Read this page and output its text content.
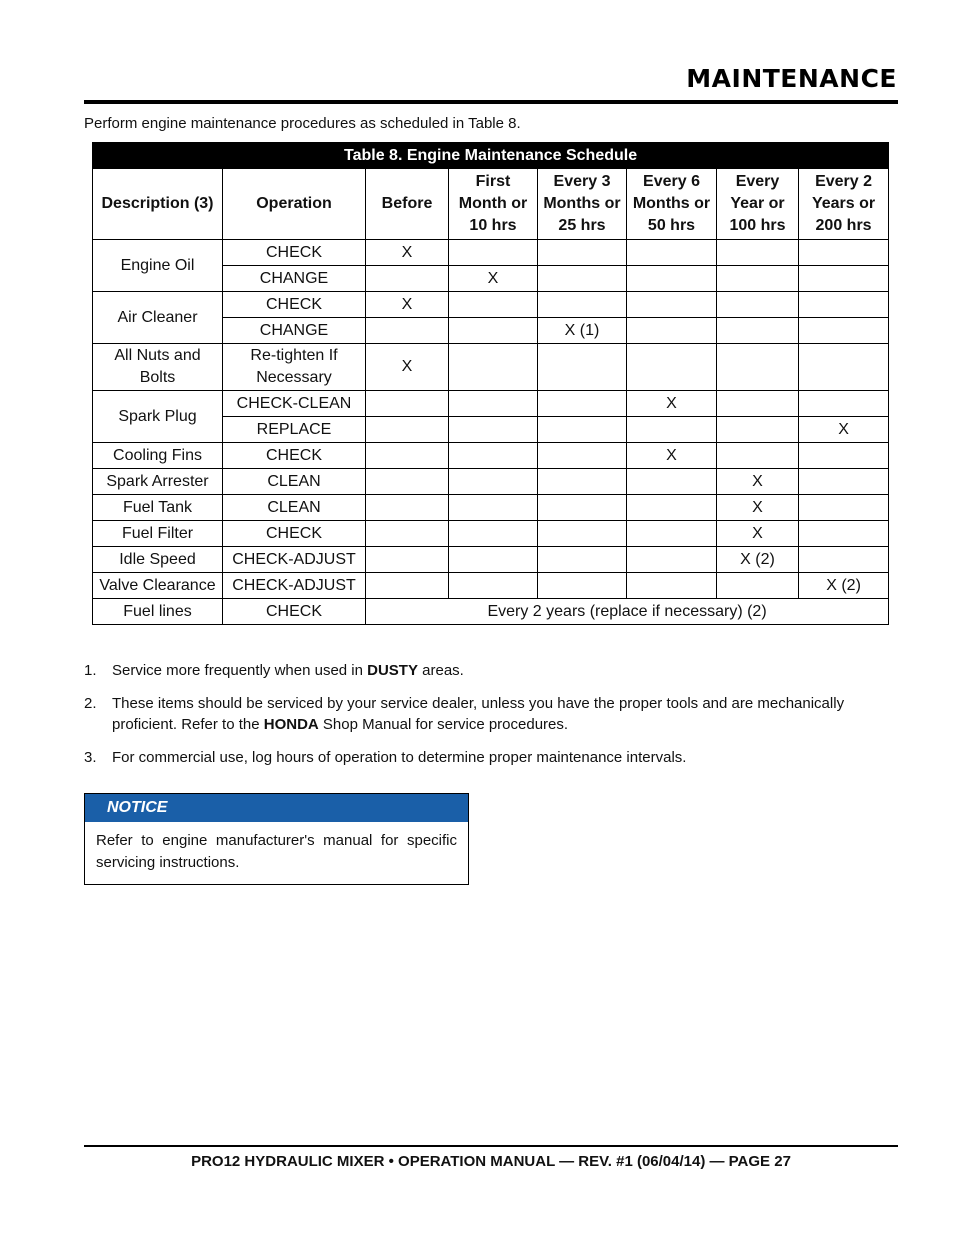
MAINTENANCE
Perform engine maintenance procedures as scheduled in Table 8.
Table 8. Engine Maintenance Schedule							
Description (3)	Operation	Before	First
Month or
10 hrs	Every 3
Months or
25 hrs	Every 6
Months or
50 hrs	Every
Year or
100 hrs	Every 2
Years or
200 hrs
Engine Oil	CHECK	X					
	CHANGE		X				
Air Cleaner	CHECK	X					
	CHANGE			X (1)			
All Nuts and
Bolts	Re-tighten If
Necessary	X					
Spark Plug	CHECK-CLEAN				X		
	REPLACE						X
Cooling Fins	CHECK				X		
Spark Arrester	CLEAN					X	
Fuel Tank	CLEAN					X	
Fuel Filter	CHECK					X	
Idle Speed	CHECK-ADJUST					X (2)	
Valve Clearance	CHECK-ADJUST						X (2)
Fuel lines	CHECK	Every 2 years (replace if necessary) (2)					
1.	Service more frequently when used in DUSTY areas.
2.	These items should be serviced by your service dealer, unless you have the proper tools and are mechanically proficient. Refer to the HONDA Shop Manual for service procedures.
3.	For commercial use, log hours of operation to determine proper maintenance intervals.
NOTICE
Refer to engine manufacturer's manual for specific servicing instructions.
PRO12 HYDRAULIC MIXER • OPERATION MANUAL — REV. #1 (06/04/14) — PAGE 27
